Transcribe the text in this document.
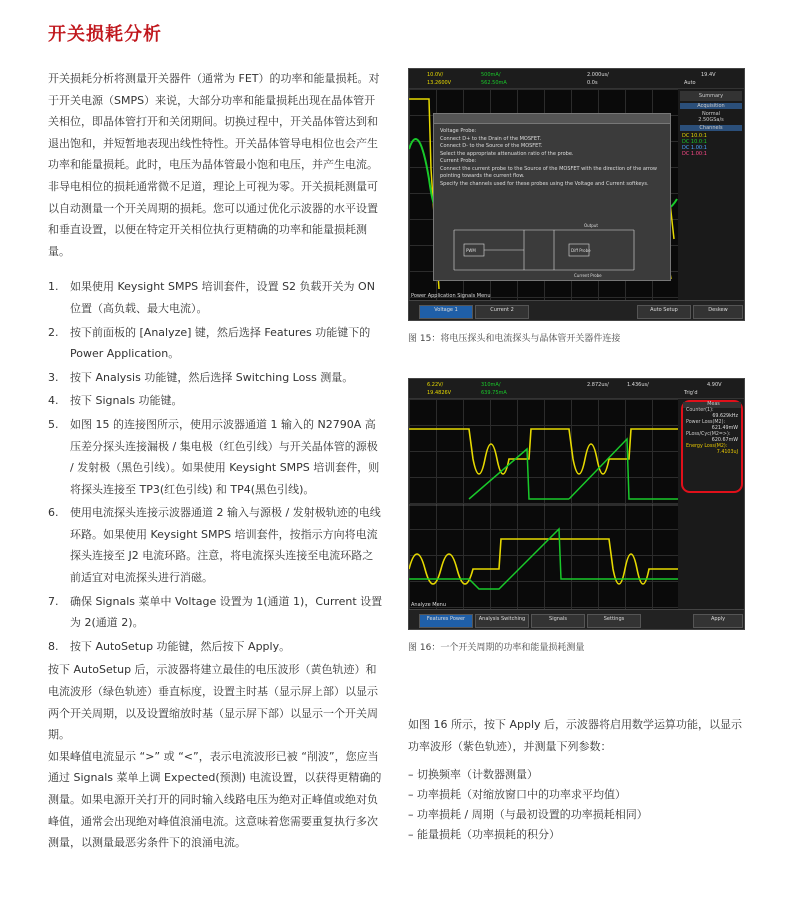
开关损耗分析

开关损耗分析将测量开关器件（通常为 FET）的功率和能量损耗。对于开关电源（SMPS）来说，大部分功率和能量损耗出现在晶体管开关相位，即晶体管打开和关闭期间。切换过程中，开关晶体管达到和退出饱和，并短暂地表现出线性特性。开关晶体管导电相位也会产生功率和能量损耗。此时，电压为晶体管最小饱和电压，并产生电流。非导电相位的损耗通常微不足道，理论上可视为零。开关损耗测量可以自动测量一个开关周期的损耗。您可以通过优化示波器的水平设置和垂直设置，以便在特定开关相位执行更精确的功率和能量损耗测量。

1.	如果使用 Keysight SMPS 培训套件，设置 S2 负载开关为 ON 位置（高负载、最大电流）。
2.	按下前面板的 [Analyze] 键，然后选择 Features 功能键下的 Power Application。
3.	按下 Analysis 功能键，然后选择 Switching Loss 测量。
4.	按下 Signals 功能键。
5.	如图 15 的连接图所示，使用示波器通道 1 输入的 N2790A 高压差分探头连接漏极 / 集电极（红色引线）与开关晶体管的源极 / 发射极（黑色引线）。如果使用 Keysight SMPS 培训套件，则将探头连接至 TP3(红色引线) 和 TP4(黑色引线)。
6.	使用电流探头连接示波器通道 2 输入与源极 / 发射极轨迹的电线环路。如果使用 Keysight SMPS 培训套件，按指示方向将电流探头连接至 J2 电流环路。注意，将电流探头连接至电流环路之前适宜对电流探头进行消磁。
7.	确保 Signals 菜单中 Voltage 设置为 1(通道 1)，Current 设置为 2(通道 2)。
8.	按下 AutoSetup 功能键，然后按下 Apply。

按下 AutoSetup 后，示波器将建立最佳的电压波形（黄色轨迹）和电流波形（绿色轨迹）垂直标度，设置主时基（显示屏上部）以显示两个开关周期，以及设置缩放时基（显示屏下部）以显示一个开关周期。

如果峰值电流显示 “>” 或 “<”，表示电流波形已被 “削波”，您应当通过 Signals 菜单上调 Expected(预测) 电流设置，以获得更精确的测量。如果电源开关打开的同时输入线路电压为绝对正峰值或绝对负峰值，通常会出现绝对峰值浪涌电流。这意味着您需要重复执行多次测量，以测量最恶劣条件下的浪涌电流。

10.0V/
13.2600V
500mA/
562.50mA
2.000us/
0.0s
19.4V
Auto
Summary
Acquisition
Normal
2.50GSa/s
Channels
DC 10.0:1
DC 10.0:1
DC 1.00:1
DC 1.00:1
Voltage Probe:
Connect D+ to the Drain of the MOSFET.
Connect D- to the Source of the MOSFET.
Select the appropriate attenuation ratio of the probe.
Current Probe:
Connect the current probe to the Source of the MOSFET with the direction of the arrow pointing towards the current flow.
Specify the channels used for these probes using the Voltage and Current softkeys.
PWM	Diff Probe
Output
Current Probe
Power Application Signals Menu
Voltage 1	Current 2	Auto Setup	Deskew
图 15：将电压探头和电流探头与晶体管开关器件连接
6.22V/
19.4826V
310mA/
639.75mA
2.872us/	1.436us/	4.90V
Trig'd
Analyze Menu
Features Power	Analysis Switching	Signals	Settings	Apply
Meas
Counter(1):
69.629kHz
Power Loss(M2):
621.49mW
PLoss/Cyc(M2=>):
620.67mW
Energy Loss(M2):
7.4103uJ
图 16：一个开关周期的功率和能量损耗测量

如图 16 所示，按下 Apply 后，示波器将启用数学运算功能，以显示功率波形（紫色轨迹），并测量下列参数：

– 切换频率（计数器测量）
– 功率损耗（对缩放窗口中的功率求平均值）
– 功率损耗 / 周期（与最初设置的功率损耗相同）
– 能量损耗（功率损耗的积分）
